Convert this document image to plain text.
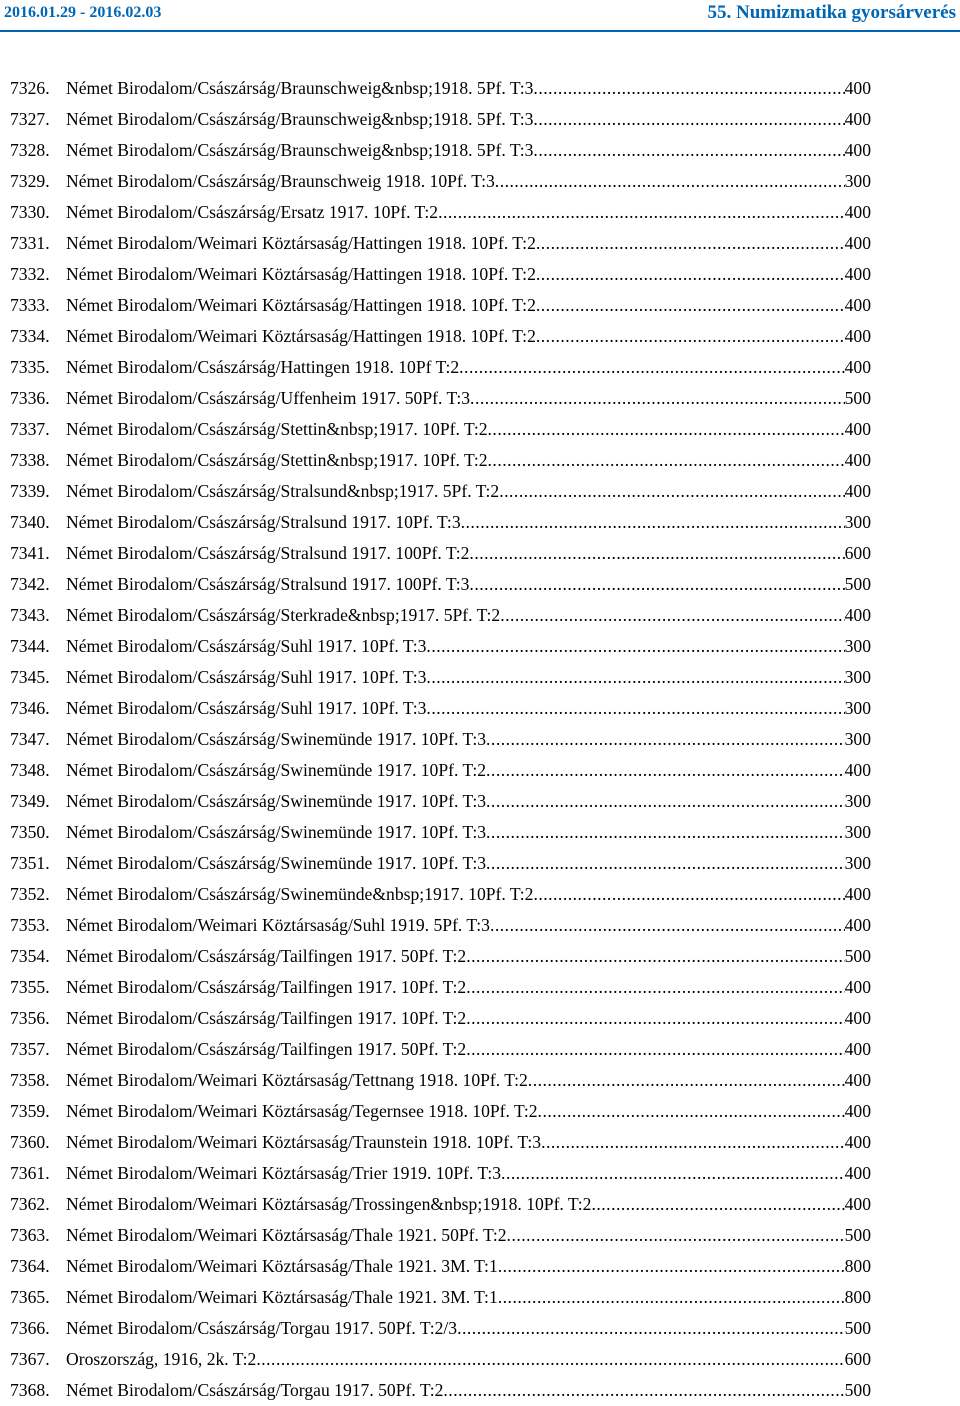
2016.01.29 - 2016.02.03	55. Numizmatika gyorsárverés
7326. Német Birodalom/Császárság/Braunschweig&nbsp;1918. 5Pf. T:3 .....	400
7327. Német Birodalom/Császárság/Braunschweig&nbsp;1918. 5Pf. T:3 .....	400
7328. Német Birodalom/Császárság/Braunschweig&nbsp;1918. 5Pf. T:3 .....	400
7329. Német Birodalom/Császárság/Braunschweig 1918. 10Pf. T:3 .....	300
7330. Német Birodalom/Császárság/Ersatz 1917. 10Pf. T:2 .....	400
7331. Német Birodalom/Weimari Köztársaság/Hattingen 1918. 10Pf. T:2 .....	400
7332. Német Birodalom/Weimari Köztársaság/Hattingen 1918. 10Pf. T:2 .....	400
7333. Német Birodalom/Weimari Köztársaság/Hattingen 1918. 10Pf. T:2 .....	400
7334. Német Birodalom/Weimari Köztársaság/Hattingen 1918. 10Pf. T:2 .....	400
7335. Német Birodalom/Császárság/Hattingen 1918. 10Pf T:2 .....	400
7336. Német Birodalom/Császárság/Uffenheim 1917. 50Pf. T:3 .....	500
7337. Német Birodalom/Császárság/Stettin&nbsp;1917. 10Pf. T:2 .....	400
7338. Német Birodalom/Császárság/Stettin&nbsp;1917. 10Pf. T:2 .....	400
7339. Német Birodalom/Császárság/Stralsund&nbsp;1917. 5Pf. T:2 .....	400
7340. Német Birodalom/Császárság/Stralsund 1917. 10Pf. T:3 .....	300
7341. Német Birodalom/Császárság/Stralsund 1917. 100Pf. T:2 .....	600
7342. Német Birodalom/Császárság/Stralsund 1917. 100Pf. T:3 .....	500
7343. Német Birodalom/Császárság/Sterkrade&nbsp;1917. 5Pf. T:2 .....	400
7344. Német Birodalom/Császárság/Suhl 1917. 10Pf. T:3 .....	300
7345. Német Birodalom/Császárság/Suhl 1917. 10Pf. T:3 .....	300
7346. Német Birodalom/Császárság/Suhl 1917. 10Pf. T:3 .....	300
7347. Német Birodalom/Császárság/Swinemünde 1917. 10Pf. T:3 .....	300
7348. Német Birodalom/Császárság/Swinemünde 1917. 10Pf. T:2 .....	400
7349. Német Birodalom/Császárság/Swinemünde 1917. 10Pf. T:3 .....	300
7350. Német Birodalom/Császárság/Swinemünde 1917. 10Pf. T:3 .....	300
7351. Német Birodalom/Császárság/Swinemünde 1917. 10Pf. T:3 .....	300
7352. Német Birodalom/Császárság/Swinemünde&nbsp;1917. 10Pf. T:2 .....	400
7353. Német Birodalom/Weimari Köztársaság/Suhl 1919. 5Pf. T:3 .....	400
7354. Német Birodalom/Császárság/Tailfingen 1917. 50Pf. T:2 .....	500
7355. Német Birodalom/Császárság/Tailfingen 1917. 10Pf. T:2 .....	400
7356. Német Birodalom/Császárság/Tailfingen 1917. 10Pf. T:2 .....	400
7357. Német Birodalom/Császárság/Tailfingen 1917. 50Pf. T:2 .....	400
7358. Német Birodalom/Weimari Köztársaság/Tettnang 1918. 10Pf. T:2 .....	400
7359. Német Birodalom/Weimari Köztársaság/Tegernsee 1918. 10Pf. T:2 .....	400
7360. Német Birodalom/Weimari Köztársaság/Traunstein 1918. 10Pf. T:3 .....	400
7361. Német Birodalom/Weimari Köztársaság/Trier 1919. 10Pf. T:3 .....	400
7362. Német Birodalom/Weimari Köztársaság/Trossingen&nbsp;1918. 10Pf. T:2 .....	400
7363. Német Birodalom/Weimari Köztársaság/Thale 1921. 50Pf. T:2 .....	500
7364. Német Birodalom/Weimari Köztársaság/Thale 1921. 3M. T:1 .....	800
7365. Német Birodalom/Weimari Köztársaság/Thale 1921. 3M. T:1 .....	800
7366. Német Birodalom/Császárság/Torgau 1917. 50Pf. T:2/3 .....	500
7367. Oroszország, 1916, 2k. T:2 .....	600
7368. Német Birodalom/Császárság/Torgau 1917. 50Pf. T:2 .....	500
